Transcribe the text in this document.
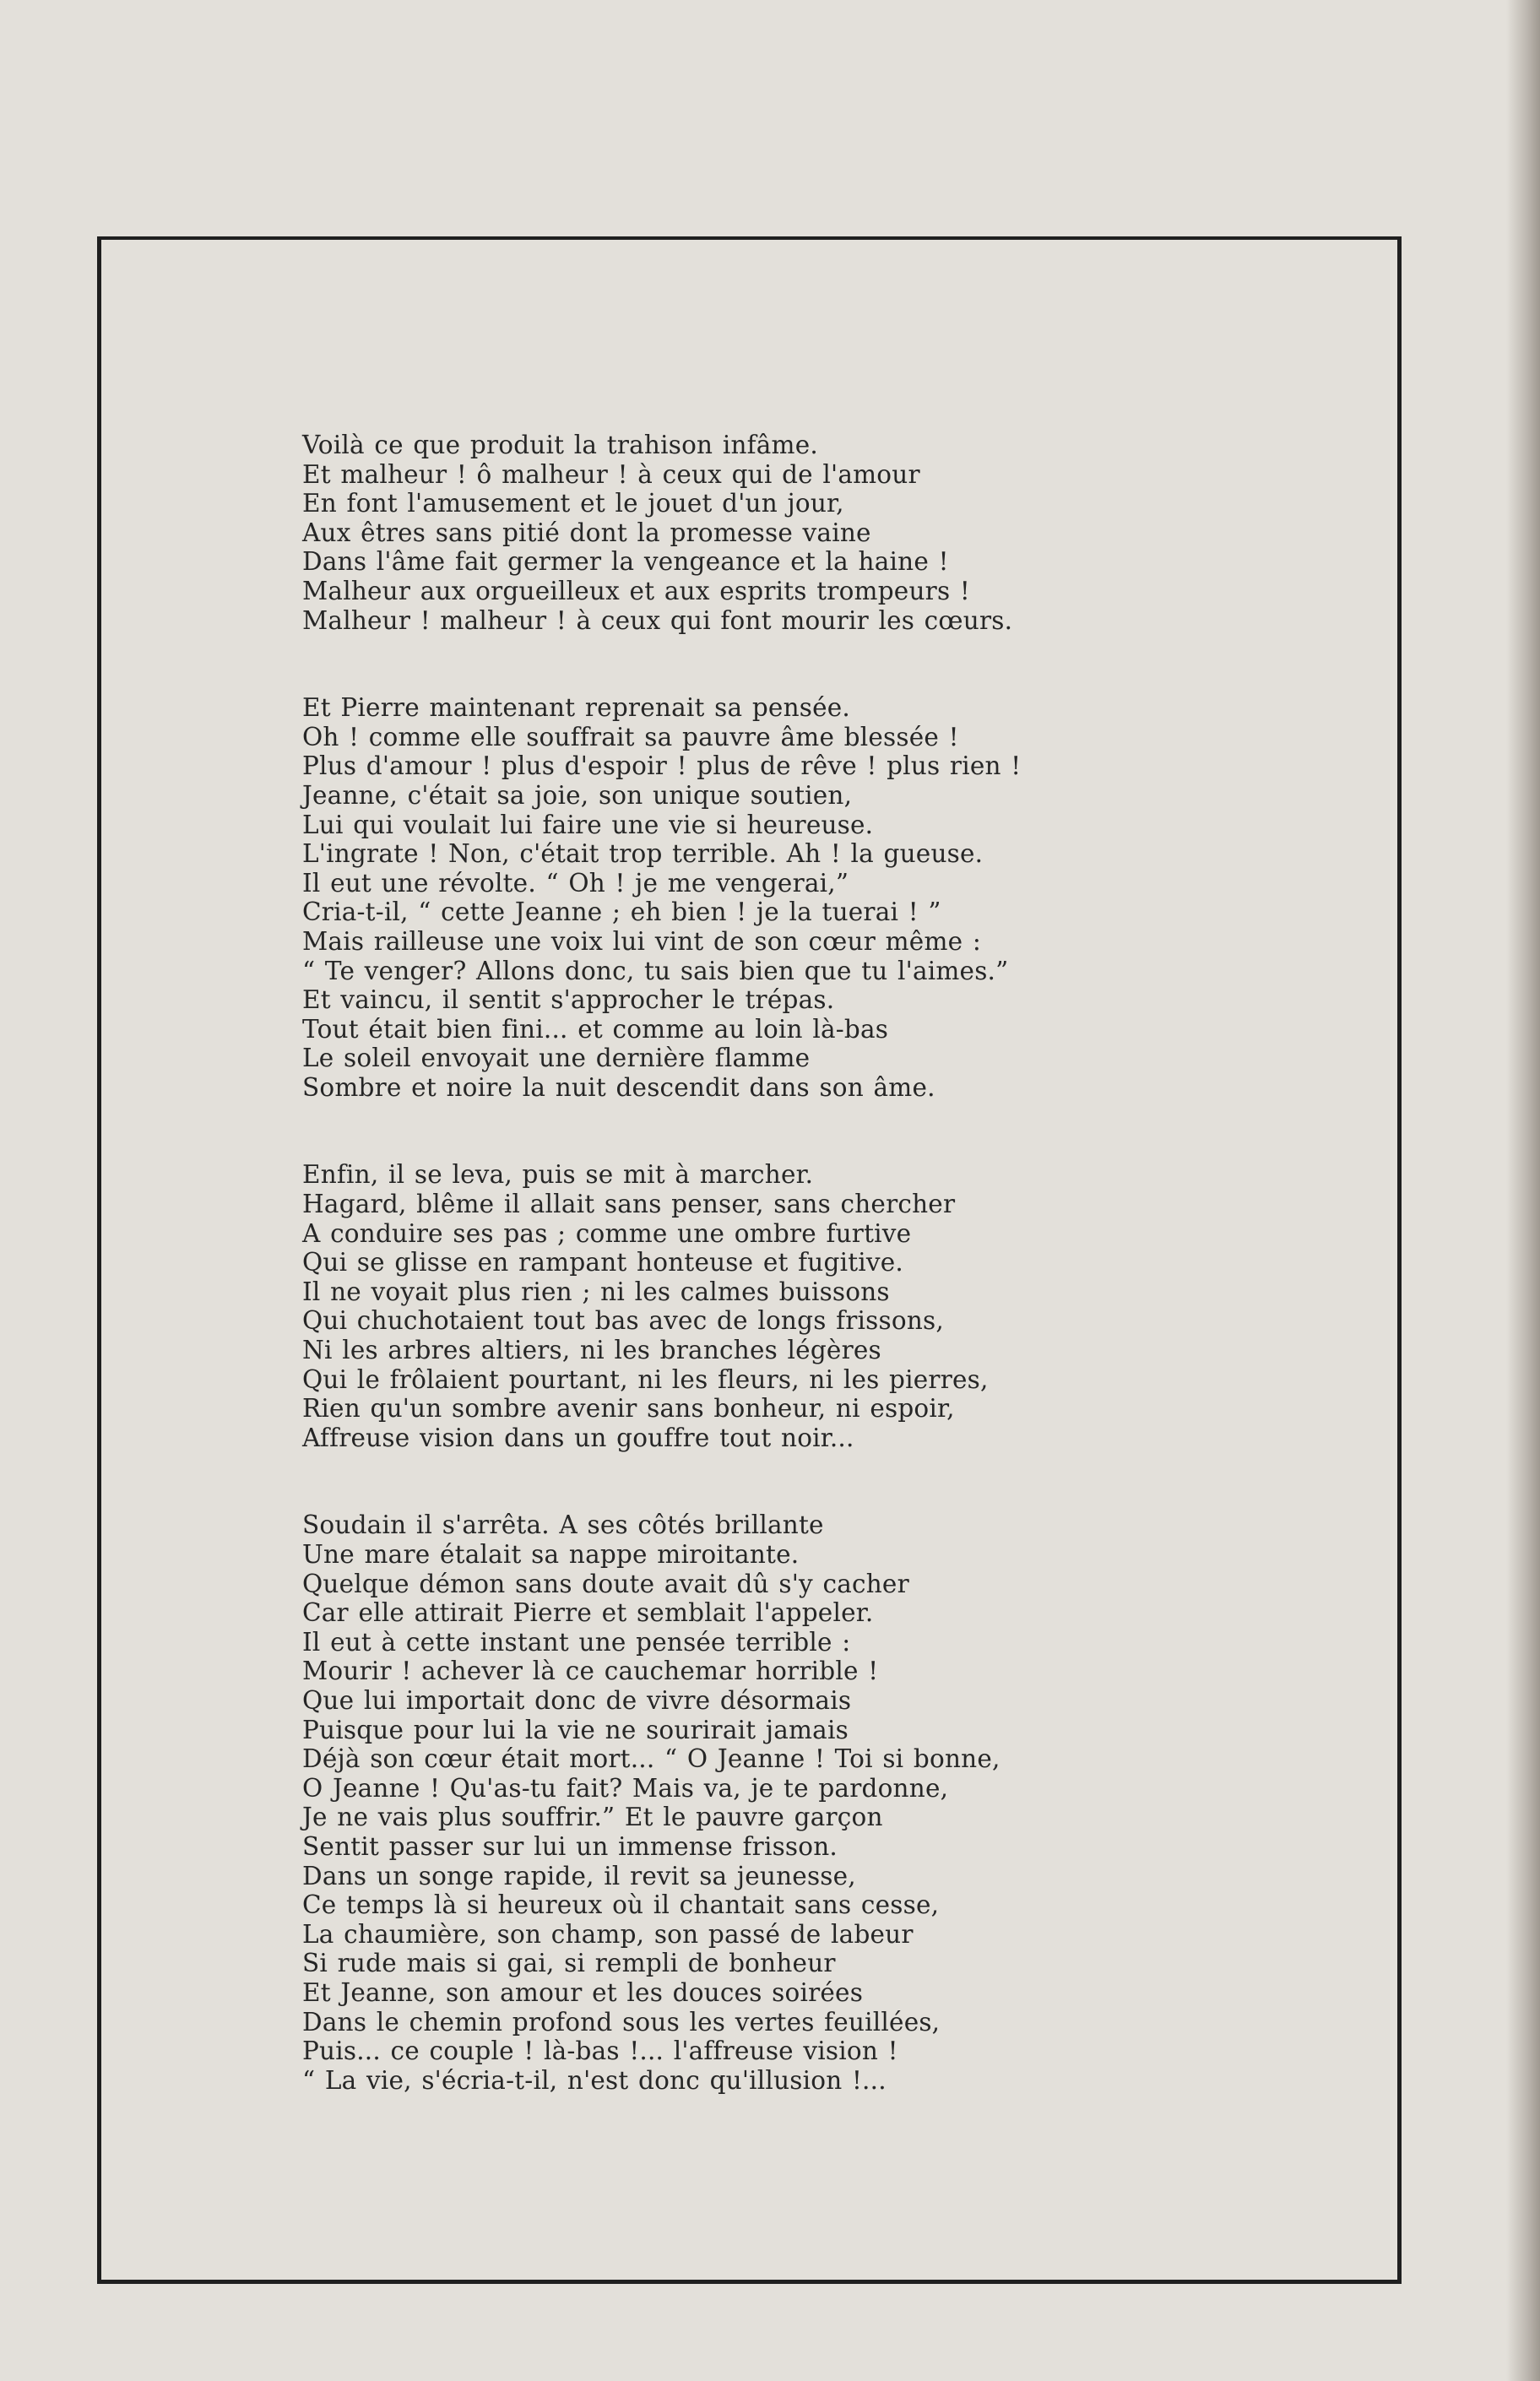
Voilà ce que produit la trahison infâme.
Et malheur ! ô malheur ! à ceux qui de l'amour
En font l'amusement et le jouet d'un jour,
Aux êtres sans pitié dont la promesse vaine
Dans l'âme fait germer la vengeance et la haine !
Malheur aux orgueilleux et aux esprits trompeurs !
Malheur ! malheur ! à ceux qui font mourir les cœurs.
Et Pierre maintenant reprenait sa pensée.
Oh ! comme elle souffrait sa pauvre âme blessée !
Plus d'amour ! plus d'espoir ! plus de rêve ! plus rien !
Jeanne, c'était sa joie, son unique soutien,
Lui qui voulait lui faire une vie si heureuse.
L'ingrate ! Non, c'était trop terrible. Ah ! la gueuse.
Il eut une révolte. “ Oh ! je me vengerai,”
Cria-t-il, “ cette Jeanne ; eh bien ! je la tuerai ! ”
Mais railleuse une voix lui vint de son cœur même :
“ Te venger? Allons donc, tu sais bien que tu l'aimes.”
Et vaincu, il sentit s'approcher le trépas.
Tout était bien fini... et comme au loin là-bas
Le soleil envoyait une dernière flamme
Sombre et noire la nuit descendit dans son âme.
Enfin, il se leva, puis se mit à marcher.
Hagard, blême il allait sans penser, sans chercher
A conduire ses pas ; comme une ombre furtive
Qui se glisse en rampant honteuse et fugitive.
Il ne voyait plus rien ; ni les calmes buissons
Qui chuchotaient tout bas avec de longs frissons,
Ni les arbres altiers, ni les branches légères
Qui le frôlaient pourtant, ni les fleurs, ni les pierres,
Rien qu'un sombre avenir sans bonheur, ni espoir,
Affreuse vision dans un gouffre tout noir...
Soudain il s'arrêta. A ses côtés brillante
Une mare étalait sa nappe miroitante.
Quelque démon sans doute avait dû s'y cacher
Car elle attirait Pierre et semblait l'appeler.
Il eut à cette instant une pensée terrible :
Mourir ! achever là ce cauchemar horrible !
Que lui importait donc de vivre désormais
Puisque pour lui la vie ne sourirait jamais
Déjà son cœur était mort... “ O Jeanne ! Toi si bonne,
O Jeanne ! Qu'as-tu fait? Mais va, je te pardonne,
Je ne vais plus souffrir.” Et le pauvre garçon
Sentit passer sur lui un immense frisson.
Dans un songe rapide, il revit sa jeunesse,
Ce temps là si heureux où il chantait sans cesse,
La chaumière, son champ, son passé de labeur
Si rude mais si gai, si rempli de bonheur
Et Jeanne, son amour et les douces soirées
Dans le chemin profond sous les vertes feuillées,
Puis... ce couple ! là-bas !... l'affreuse vision !
“ La vie, s'écria-t-il, n'est donc qu'illusion !...
